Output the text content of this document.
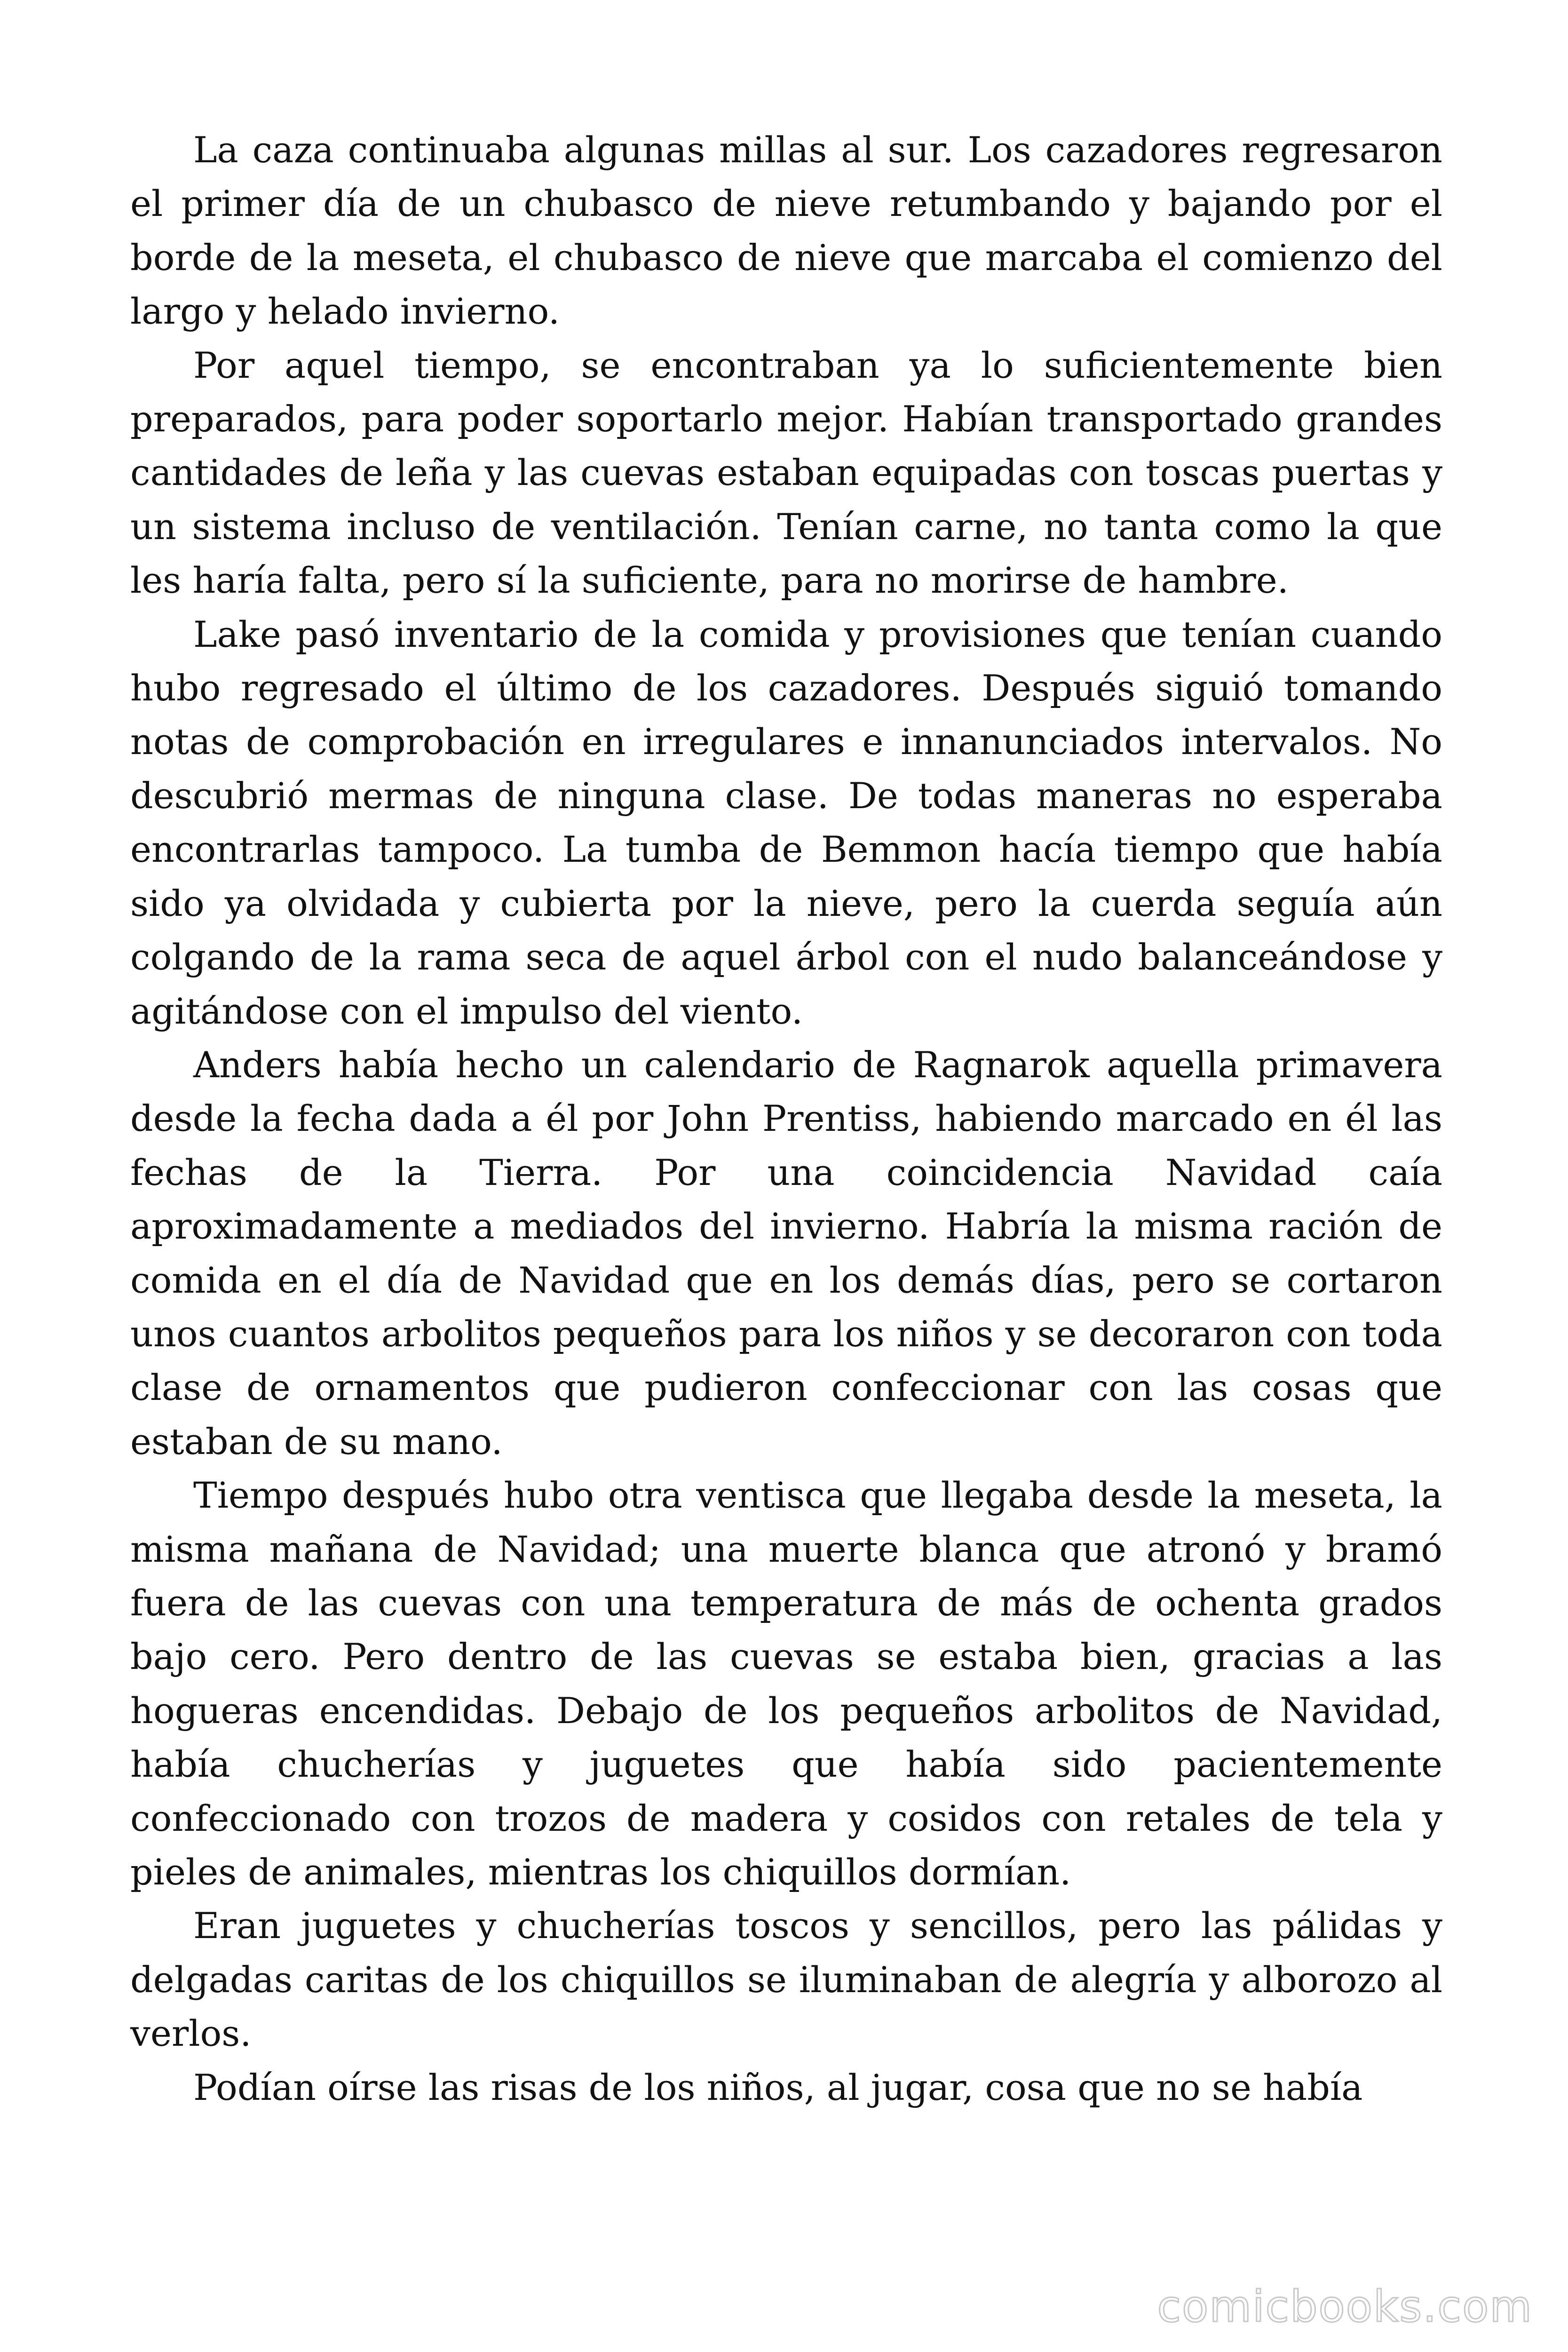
La caza continuaba algunas millas al sur. Los cazadores regresaron el primer día de un chubasco de nieve retumbando y bajando por el borde de la meseta, el chubasco de nieve que marcaba el comienzo del largo y helado invierno.

Por aquel tiempo, se encontraban ya lo suficientemente bien preparados, para poder soportarlo mejor. Habían transportado grandes cantidades de leña y las cuevas estaban equipadas con toscas puertas y un sistema incluso de ventilación. Tenían carne, no tanta como la que les haría falta, pero sí la suficiente, para no morirse de hambre.

Lake pasó inventario de la comida y provisiones que tenían cuando hubo regresado el último de los cazadores. Después siguió tomando notas de comprobación en irregulares e innanunciados intervalos. No descubrió mermas de ninguna clase. De todas maneras no esperaba encontrarlas tampoco. La tumba de Bemmon hacía tiempo que había sido ya olvidada y cubierta por la nieve, pero la cuerda seguía aún colgando de la rama seca de aquel árbol con el nudo balanceándose y agitándose con el impulso del viento.

Anders había hecho un calendario de Ragnarok aquella primavera desde la fecha dada a él por John Prentiss, habiendo marcado en él las fechas de la Tierra. Por una coincidencia Navidad caía aproximadamente a mediados del invierno. Habría la misma ración de comida en el día de Navidad que en los demás días, pero se cortaron unos cuantos arbolitos pequeños para los niños y se decoraron con toda clase de ornamentos que pudieron confeccionar con las cosas que estaban de su mano.

Tiempo después hubo otra ventisca que llegaba desde la meseta, la misma mañana de Navidad; una muerte blanca que atronó y bramó fuera de las cuevas con una temperatura de más de ochenta grados bajo cero. Pero dentro de las cuevas se estaba bien, gracias a las hogueras encendidas. Debajo de los pequeños arbolitos de Navidad, había chucherías y juguetes que había sido pacientemente confeccionado con trozos de madera y cosidos con retales de tela y pieles de animales, mientras los chiquillos dormían.

Eran juguetes y chucherías toscos y sencillos, pero las pálidas y delgadas caritas de los chiquillos se iluminaban de alegría y alborozo al verlos.

Podían oírse las risas de los niños, al jugar, cosa que no se había

comicbooks.com
